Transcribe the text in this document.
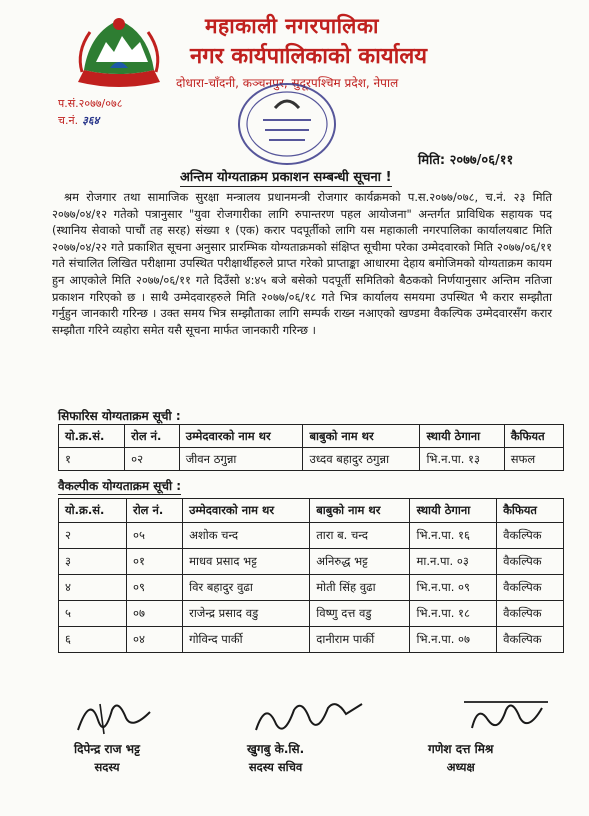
महाकाली नगरपालिका
नगर कार्यपालिकाको कार्यालय
दोधारा-चाँदनी, कञ्चनपुर, सुदूरपश्चिम प्रदेश, नेपाल
प.सं.२०७७/०७८
च.नं. ३६४
मिति: २०७७/०६/११
अन्तिम योग्यताक्रम प्रकाशन सम्बन्धी सूचना !

श्रम रोजगार तथा सामाजिक सुरक्षा मन्त्रालय प्रधानमन्त्री रोजगार कार्यक्रमको प.स.२०७७/०७८, च.नं. २३ मिति २०७७/०४/१२ गतेको पत्रानुसार "युवा रोजगारीका लागि रुपान्तरण पहल आयोजना" अन्तर्गत प्राविधिक सहायक पद (स्थानिय सेवाको पाचौं तह सरह) संख्या १ (एक) करार पदपूर्तीको लागि यस महाकाली नगरपालिका कार्यालयबाट मिति २०७७/०४/२२ गते प्रकाशित सूचना अनुसार प्रारम्भिक योग्यताक्रमको संक्षिप्त सूचीमा परेका उम्मेदवारको मिति २०७७/०६/११ गते संचालित लिखित परीक्षामा उपस्थित परीक्षार्थीहरुले प्राप्त गरेको प्राप्ताङ्का आधारमा देहाय बमोजिमको योग्यताक्रम कायम हुन आएकोले मिति २०७७/०६/११ गते दिउँसो ४:४५ बजे बसेको पदपूर्ती समितिको बैठकको निर्णयानुसार अन्तिम नतिजा प्रकाशन गरिएको छ । साथै उम्मेदवारहरुले मिति २०७७/०६/१८ गते भित्र कार्यालय समयमा उपस्थित भै करार सम्झौता गर्नुहुन जानकारी गरिन्छ । उक्त समय भित्र सम्झौताका लागि सम्पर्क राख्न नआएको खण्डमा वैकल्पिक उम्मेदवारसँग करार सम्झौता गरिने व्यहोरा समेत यसै सूचना मार्फत जानकारी गरिन्छ ।

सिफारिस योग्यताक्रम सूची :
यो.क्र.सं.	रोल नं.	उम्मेदवारको नाम थर	बाबुको नाम थर	स्थायी ठेगाना	कैफियत
१	०२	जीवन ठगुन्ना	उध्दव बहादुर ठगुन्ना	भि.न.पा. १३	सफल
वैकल्पीक योग्यताक्रम सूची :
यो.क्र.सं.	रोल नं.	उम्मेदवारको नाम थर	बाबुको नाम थर	स्थायी ठेगाना	कैफियत
२	०५	अशोक चन्द	तारा ब. चन्द	भि.न.पा. १६	वैकल्पिक
३	०१	माधव प्रसाद भट्ट	अनिरुद्ध भट्ट	मा.न.पा. ०३	वैकल्पिक
४	०९	विर बहादुर वुढा	मोती सिंह वुढा	भि.न.पा. ०९	वैकल्पिक
५	०७	राजेन्द्र प्रसाद वडु	विष्णु दत्त वडु	भि.न.पा. १८	वैकल्पिक
६	०४	गोविन्द पार्की	दानीराम पार्की	भि.न.पा. ०७	वैकल्पिक
दिपेन्द्र राज भट्ट
सदस्य
खुगबु के.सि.
सदस्य सचिव
गणेश दत्त मिश्र
अध्यक्ष
